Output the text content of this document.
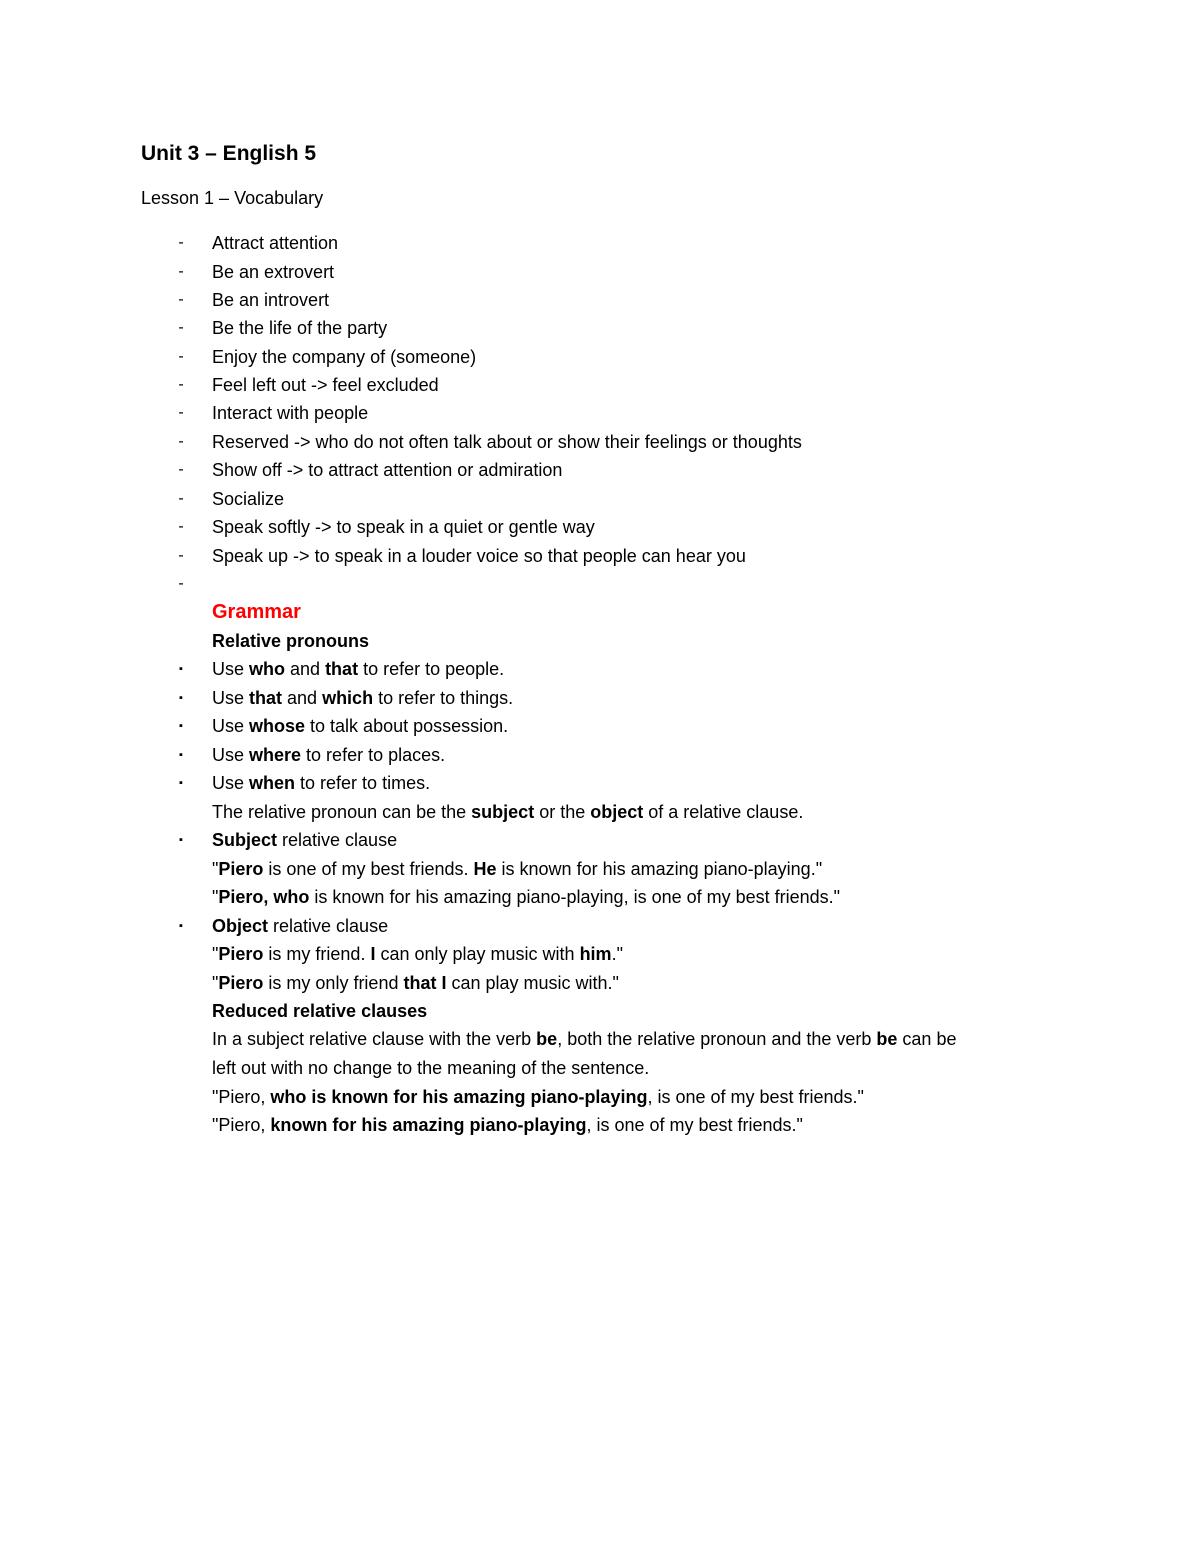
Unit 3 – English 5
Lesson 1 – Vocabulary
- Attract attention
- Be an extrovert
- Be an introvert
- Be the life of the party
- Enjoy the company of (someone)
- Feel left out -> feel excluded
- Interact with people
- Reserved -> who do not often talk about or show their feelings or thoughts
- Show off -> to attract attention or admiration
- Socialize
- Speak softly -> to speak in a quiet or gentle way
- Speak up -> to speak in a louder voice so that people can hear you
-
Grammar
Relative pronouns
▪ Use who and that to refer to people.
▪ Use that and which to refer to things.
▪ Use whose to talk about possession.
▪ Use where to refer to places.
▪ Use when to refer to times.
The relative pronoun can be the subject or the object of a relative clause.
▪ Subject relative clause
"Piero is one of my best friends. He is known for his amazing piano-playing."
"Piero, who is known for his amazing piano-playing, is one of my best friends."
▪ Object relative clause
"Piero is my friend. I can only play music with him."
"Piero is my only friend that I can play music with."
Reduced relative clauses
In a subject relative clause with the verb be, both the relative pronoun and the verb be can be
left out with no change to the meaning of the sentence.
"Piero, who is known for his amazing piano-playing, is one of my best friends."
"Piero, known for his amazing piano-playing, is one of my best friends."
